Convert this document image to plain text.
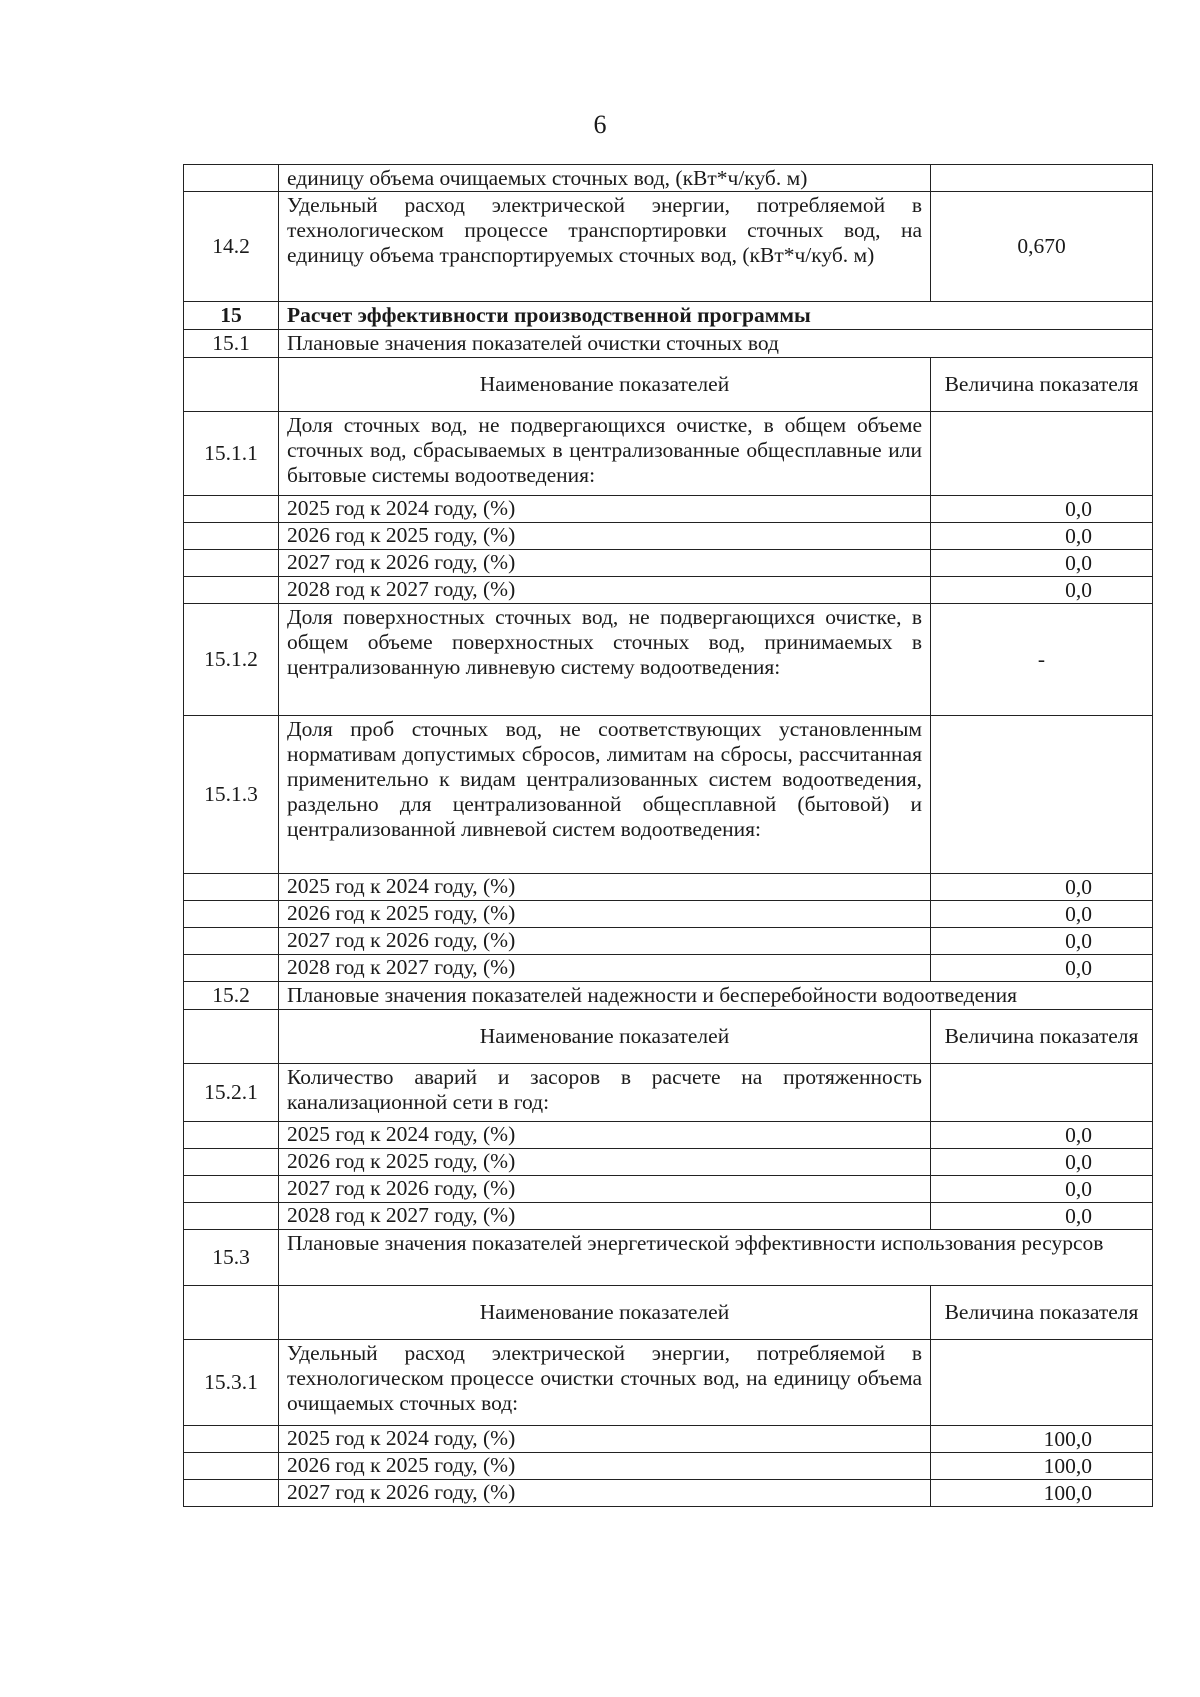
6
	единицу объема очищаемых сточных вод, (кВт*ч/куб. м)	
14.2	Удельный расход электрической энергии, потребляемой в технологическом процессе транспортировки сточных вод, на единицу объема транспортируемых сточных вод, (кВт*ч/куб. м)	0,670
15	Расчет эффективности производственной программы	
15.1	Плановые значения показателей очистки сточных вод	
	Наименование показателей	Величина показателя
15.1.1	Доля сточных вод, не подвергающихся очистке, в общем объеме сточных вод, сбрасываемых в централизованные общесплавные или бытовые системы водоотведения:	
	2025 год к 2024 году, (%)	0,0
	2026 год к 2025 году, (%)	0,0
	2027 год к 2026 году, (%)	0,0
	2028 год к 2027 году, (%)	0,0
15.1.2	Доля поверхностных сточных вод, не подвергающихся очистке, в общем объеме поверхностных сточных вод, принимаемых в централизованную ливневую систему водоотведения:	-
15.1.3	Доля проб сточных вод, не соответствующих установленным нормативам допустимых сбросов, лимитам на сбросы, рассчитанная применительно к видам централизованных систем водоотведения, раздельно для централизованной общесплавной (бытовой) и централизованной ливневой систем водоотведения:	
	2025 год к 2024 году, (%)	0,0
	2026 год к 2025 году, (%)	0,0
	2027 год к 2026 году, (%)	0,0
	2028 год к 2027 году, (%)	0,0
15.2	Плановые значения показателей надежности и бесперебойности водоотведения	
	Наименование показателей	Величина показателя
15.2.1	Количество аварий и засоров в расчете на протяженность канализационной сети в год:	
	2025 год к 2024 году, (%)	0,0
	2026 год к 2025 году, (%)	0,0
	2027 год к 2026 году, (%)	0,0
	2028 год к 2027 году, (%)	0,0
15.3	Плановые значения показателей энергетической эффективности использования ресурсов	
	Наименование показателей	Величина показателя
15.3.1	Удельный расход электрической энергии, потребляемой в технологическом процессе очистки сточных вод, на единицу объема очищаемых сточных вод:	
	2025 год к 2024 году, (%)	100,0
	2026 год к 2025 году, (%)	100,0
	2027 год к 2026 году, (%)	100,0
